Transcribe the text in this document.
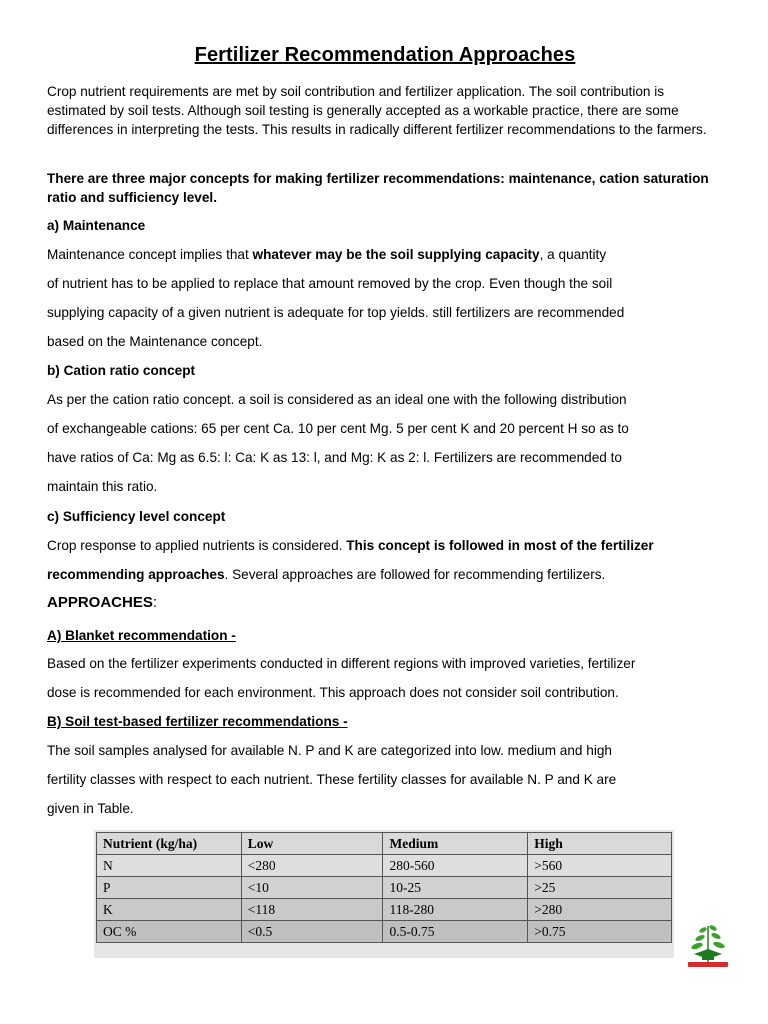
Fertilizer Recommendation Approaches

Crop nutrient requirements are met by soil contribution and fertilizer application. The soil contribution is estimated by soil tests. Although soil testing is generally accepted as a workable practice, there are some differences in interpreting the tests. This results in radically different fertilizer recommendations to the farmers.

There are three major concepts for making fertilizer recommendations: maintenance, cation saturation ratio and sufficiency level.

a) Maintenance

Maintenance concept implies that whatever may be the soil supplying capacity, a quantity

of nutrient has to be applied to replace that amount removed by the crop. Even though the soil

supplying capacity of a given nutrient is adequate for top yields. still fertilizers are recommended

based on the Maintenance concept.

b) Cation ratio concept

As per the cation ratio concept. a soil is considered as an ideal one with the following distribution

of exchangeable cations: 65 per cent Ca. 10 per cent Mg. 5 per cent K and 20 percent H so as to

have ratios of Ca: Mg as 6.5: l: Ca: K as 13: l, and Mg: K as 2: l. Fertilizers are recommended to

maintain this ratio.

c) Sufficiency level concept

Crop response to applied nutrients is considered. This concept is followed in most of the fertilizer

recommending approaches. Several approaches are followed for recommending fertilizers.

APPROACHES:

A) Blanket recommendation -

Based on the fertilizer experiments conducted in different regions with improved varieties, fertilizer

dose is recommended for each environment. This approach does not consider soil contribution.

B) Soil test-based fertilizer recommendations -

The soil samples analysed for available N. P and K are categorized into low. medium and high

fertility classes with respect to each nutrient. These fertility classes for available N. P and K are

given in Table.

Nutrient (kg/ha)	Low	Medium	High
N	<280	280-560	>560
P	<10	10-25	>25
K	<118	118-280	>280
OC %	<0.5	0.5-0.75	>0.75
